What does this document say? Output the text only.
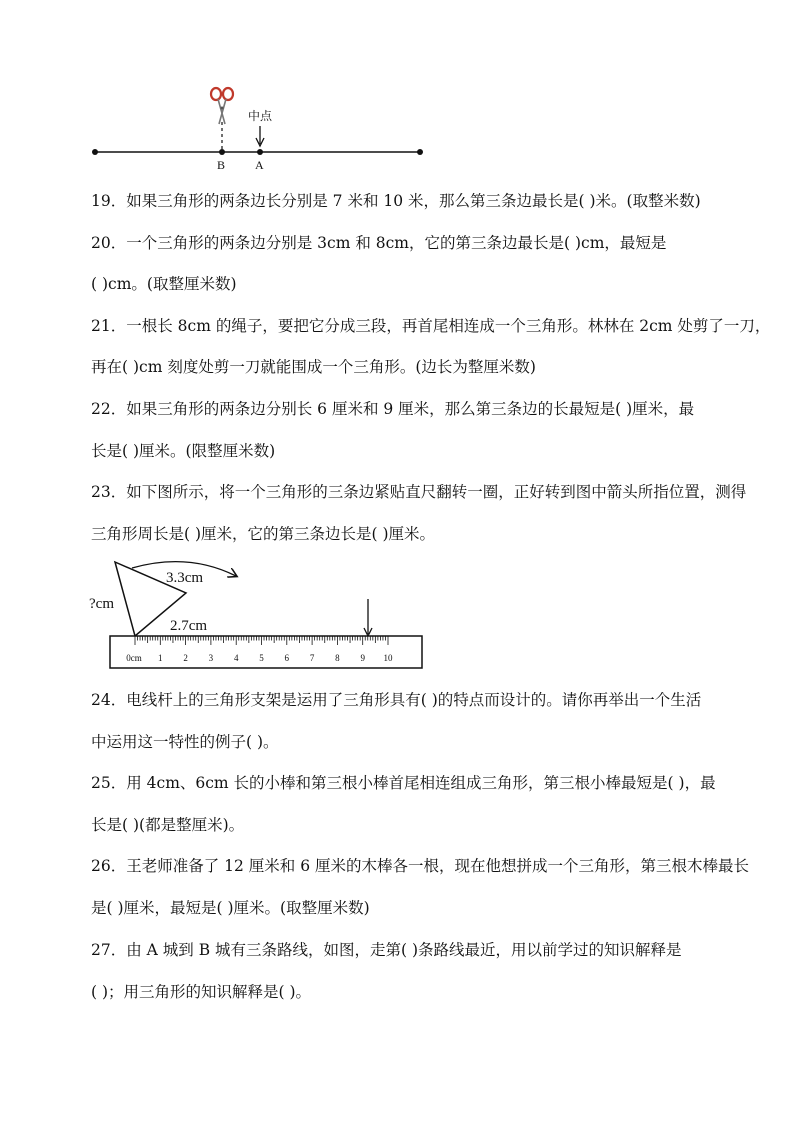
中点
B A
19．如果三角形的两条边长分别是 7 米和 10 米，那么第三条边最长是( )米。(取整米数)
20．一个三角形的两条边分别是 3cm 和 8cm，它的第三条边最长是( )cm，最短是
( )cm。(取整厘米数)
21．一根长 8cm 的绳子，要把它分成三段，再首尾相连成一个三角形。林林在 2cm 处剪了一刀，
再在( )cm 刻度处剪一刀就能围成一个三角形。(边长为整厘米数)
22．如果三角形的两条边分别长 6 厘米和 9 厘米，那么第三条边的长最短是( )厘米，最
长是( )厘米。(限整厘米数)
23．如下图所示，将一个三角形的三条边紧贴直尺翻转一圈，正好转到图中箭头所指位置，测得
三角形周长是( )厘米，它的第三条边长是( )厘米。
3.3cm
?cm
2.7cm
0cm 1 2 3 4 5 6 7 8 9 10
24．电线杆上的三角形支架是运用了三角形具有( )的特点而设计的。请你再举出一个生活
中运用这一特性的例子( )。
25．用 4cm、6cm 长的小棒和第三根小棒首尾相连组成三角形，第三根小棒最短是( )，最
长是( )(都是整厘米)。
26．王老师准备了 12 厘米和 6 厘米的木棒各一根，现在他想拼成一个三角形，第三根木棒最长
是( )厘米，最短是( )厘米。(取整厘米数)
27．由 A 城到 B 城有三条路线，如图，走第( )条路线最近，用以前学过的知识解释是
( )；用三角形的知识解释是( )。
